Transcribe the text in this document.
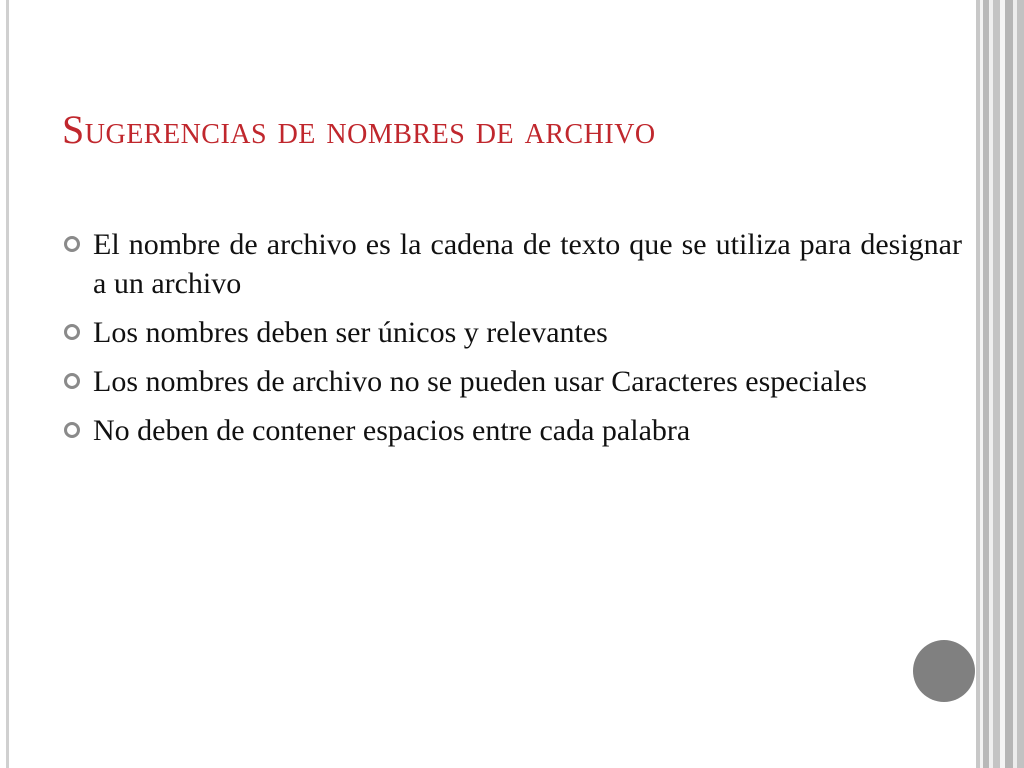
Sugerencias de nombres de archivo
El nombre de archivo es la cadena de texto que se utiliza para designar a un archivo
Los nombres deben ser únicos y relevantes
Los nombres de archivo no se pueden usar Caracteres especiales
No deben de contener espacios entre cada palabra
